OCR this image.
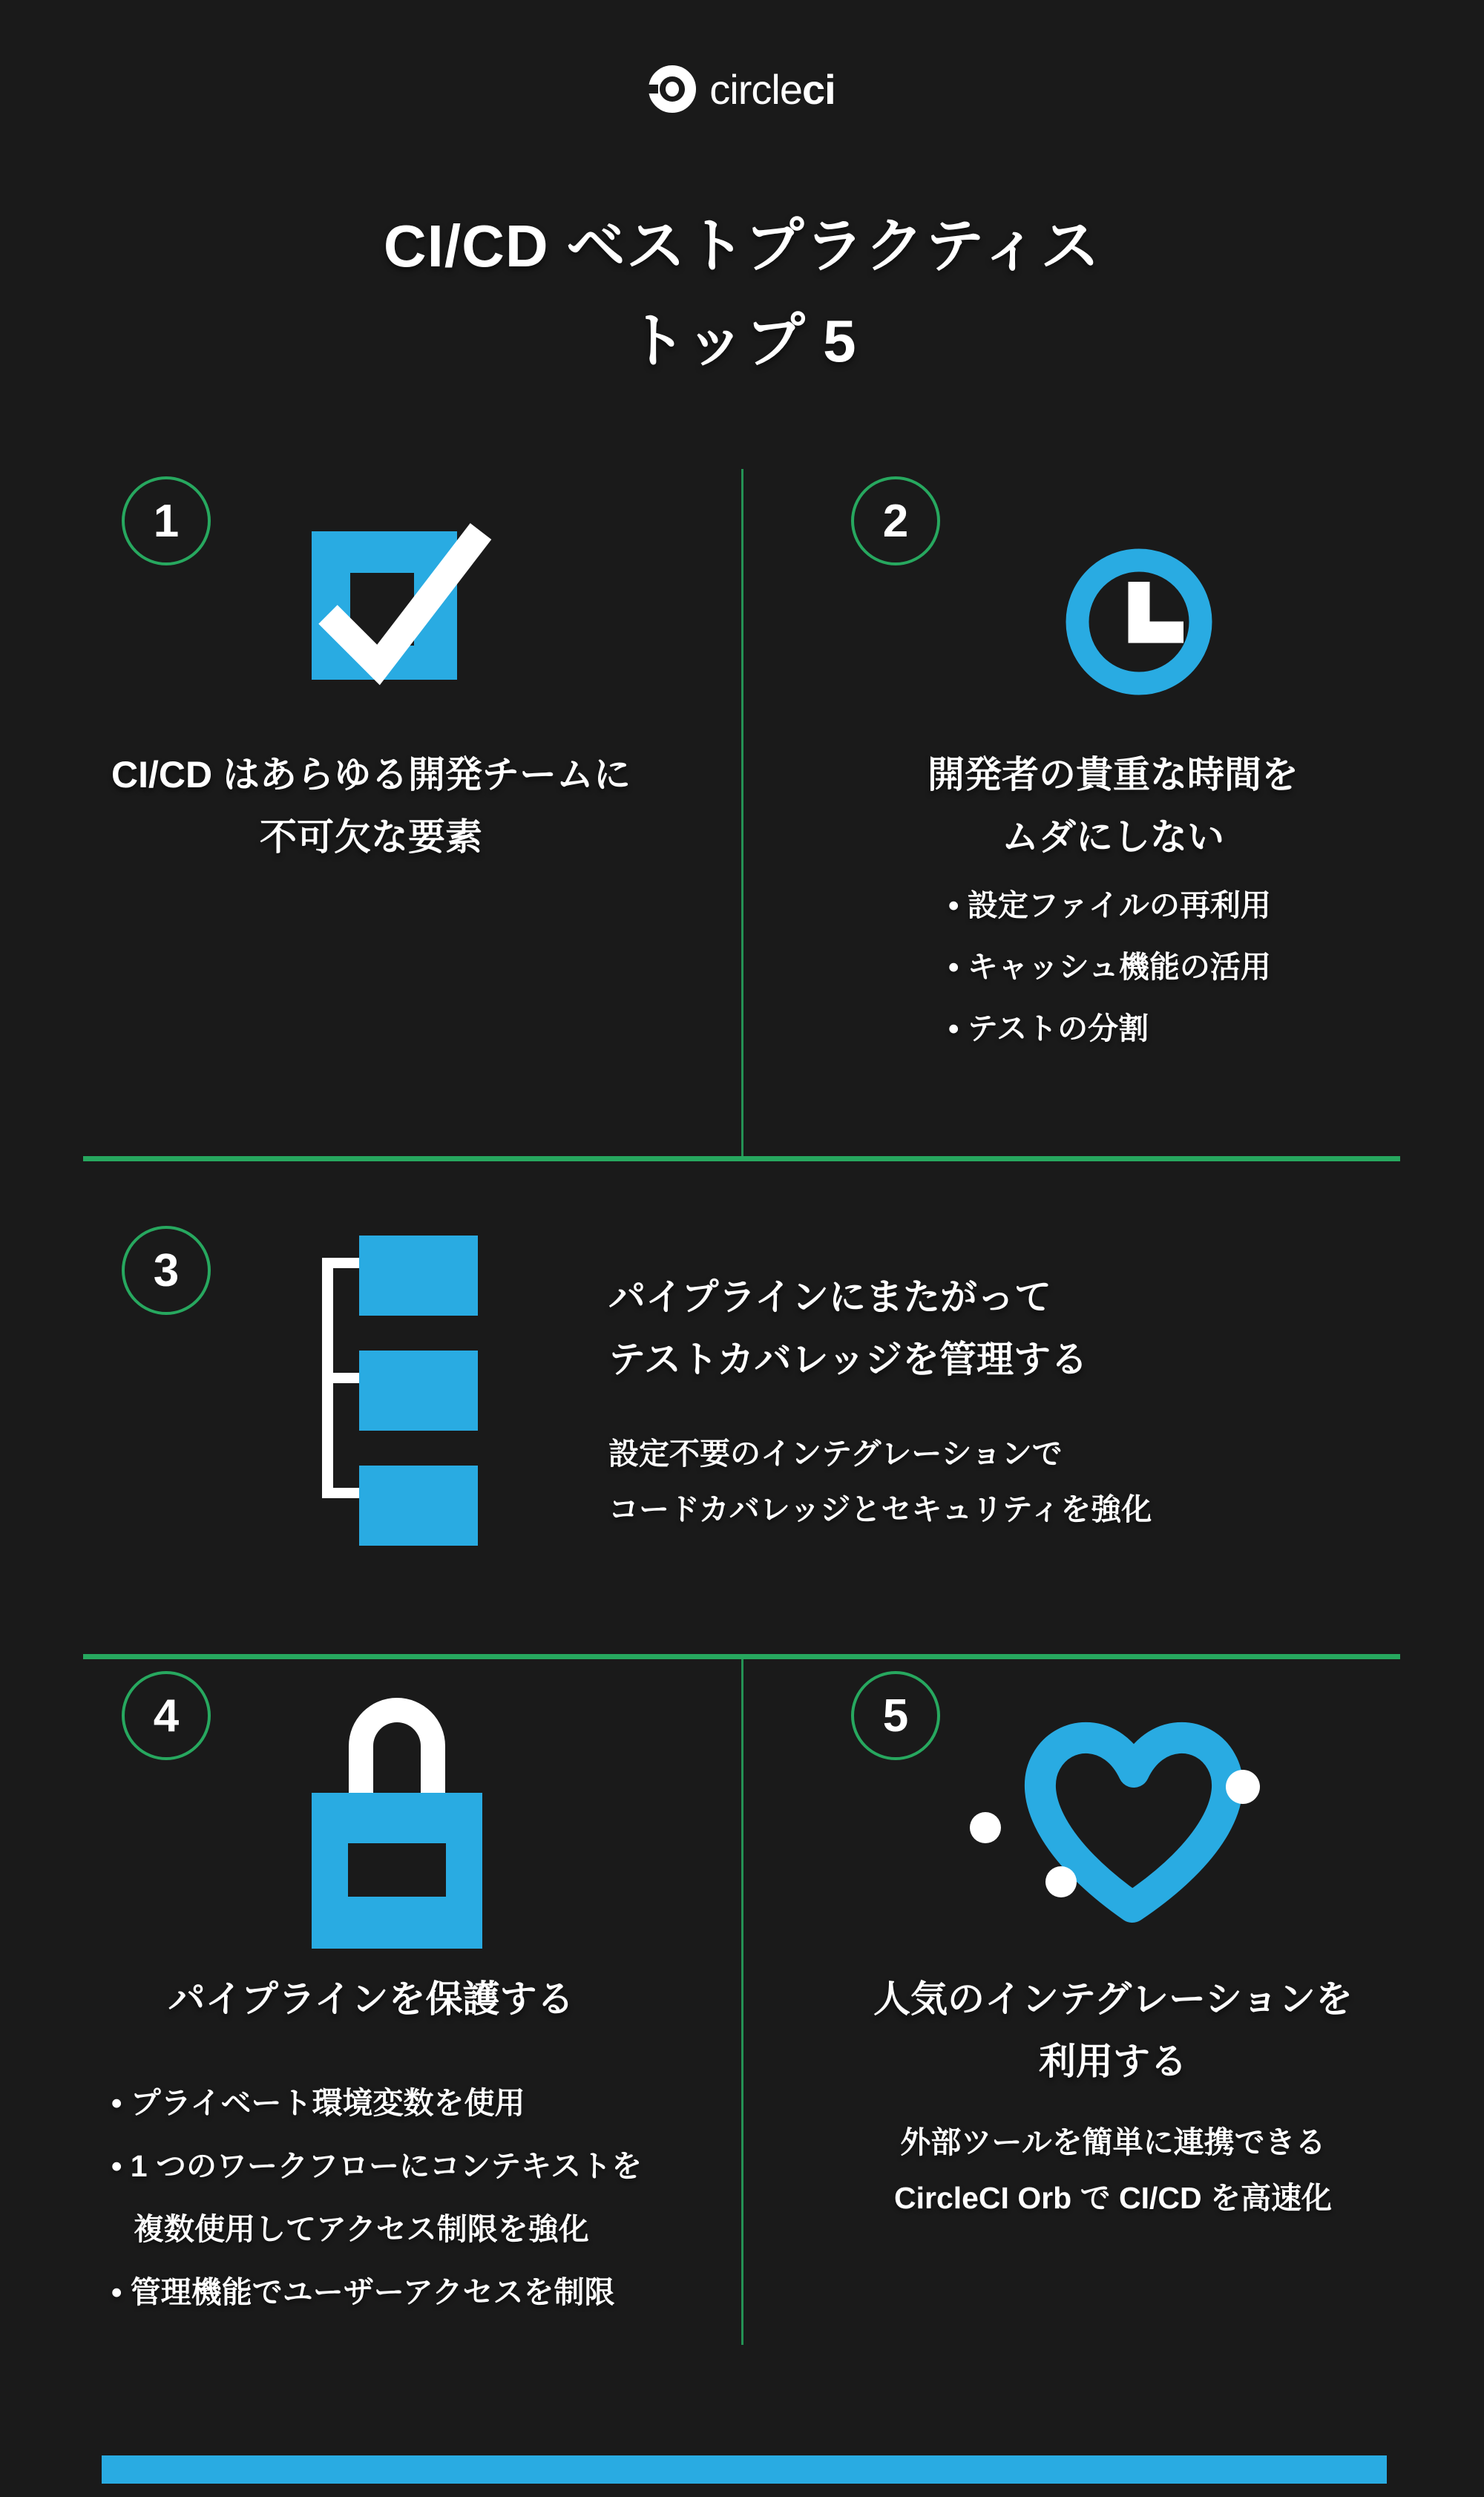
circleci
CI/CD ベストプラクティス
トップ 5
1
CI/CD はあらゆる開発チームに
不可欠な要素
2
開発者の貴重な時間を
ムダにしない
• 設定ファイルの再利用
• キャッシュ機能の活用
• テストの分割
3
パイプラインにまたがって
テストカバレッジを管理する

設定不要のインテグレーションで
コードカバレッジとセキュリティを強化

4
パイプラインを保護する
• プライベート環境変数を使用
• 1 つのワークフローにコンテキストを
複数使用してアクセス制限を強化
• 管理機能でユーザーアクセスを制限
5
人気のインテグレーションを
利用する

外部ツールを簡単に連携できる
CircleCI Orb で CI/CD を高速化
